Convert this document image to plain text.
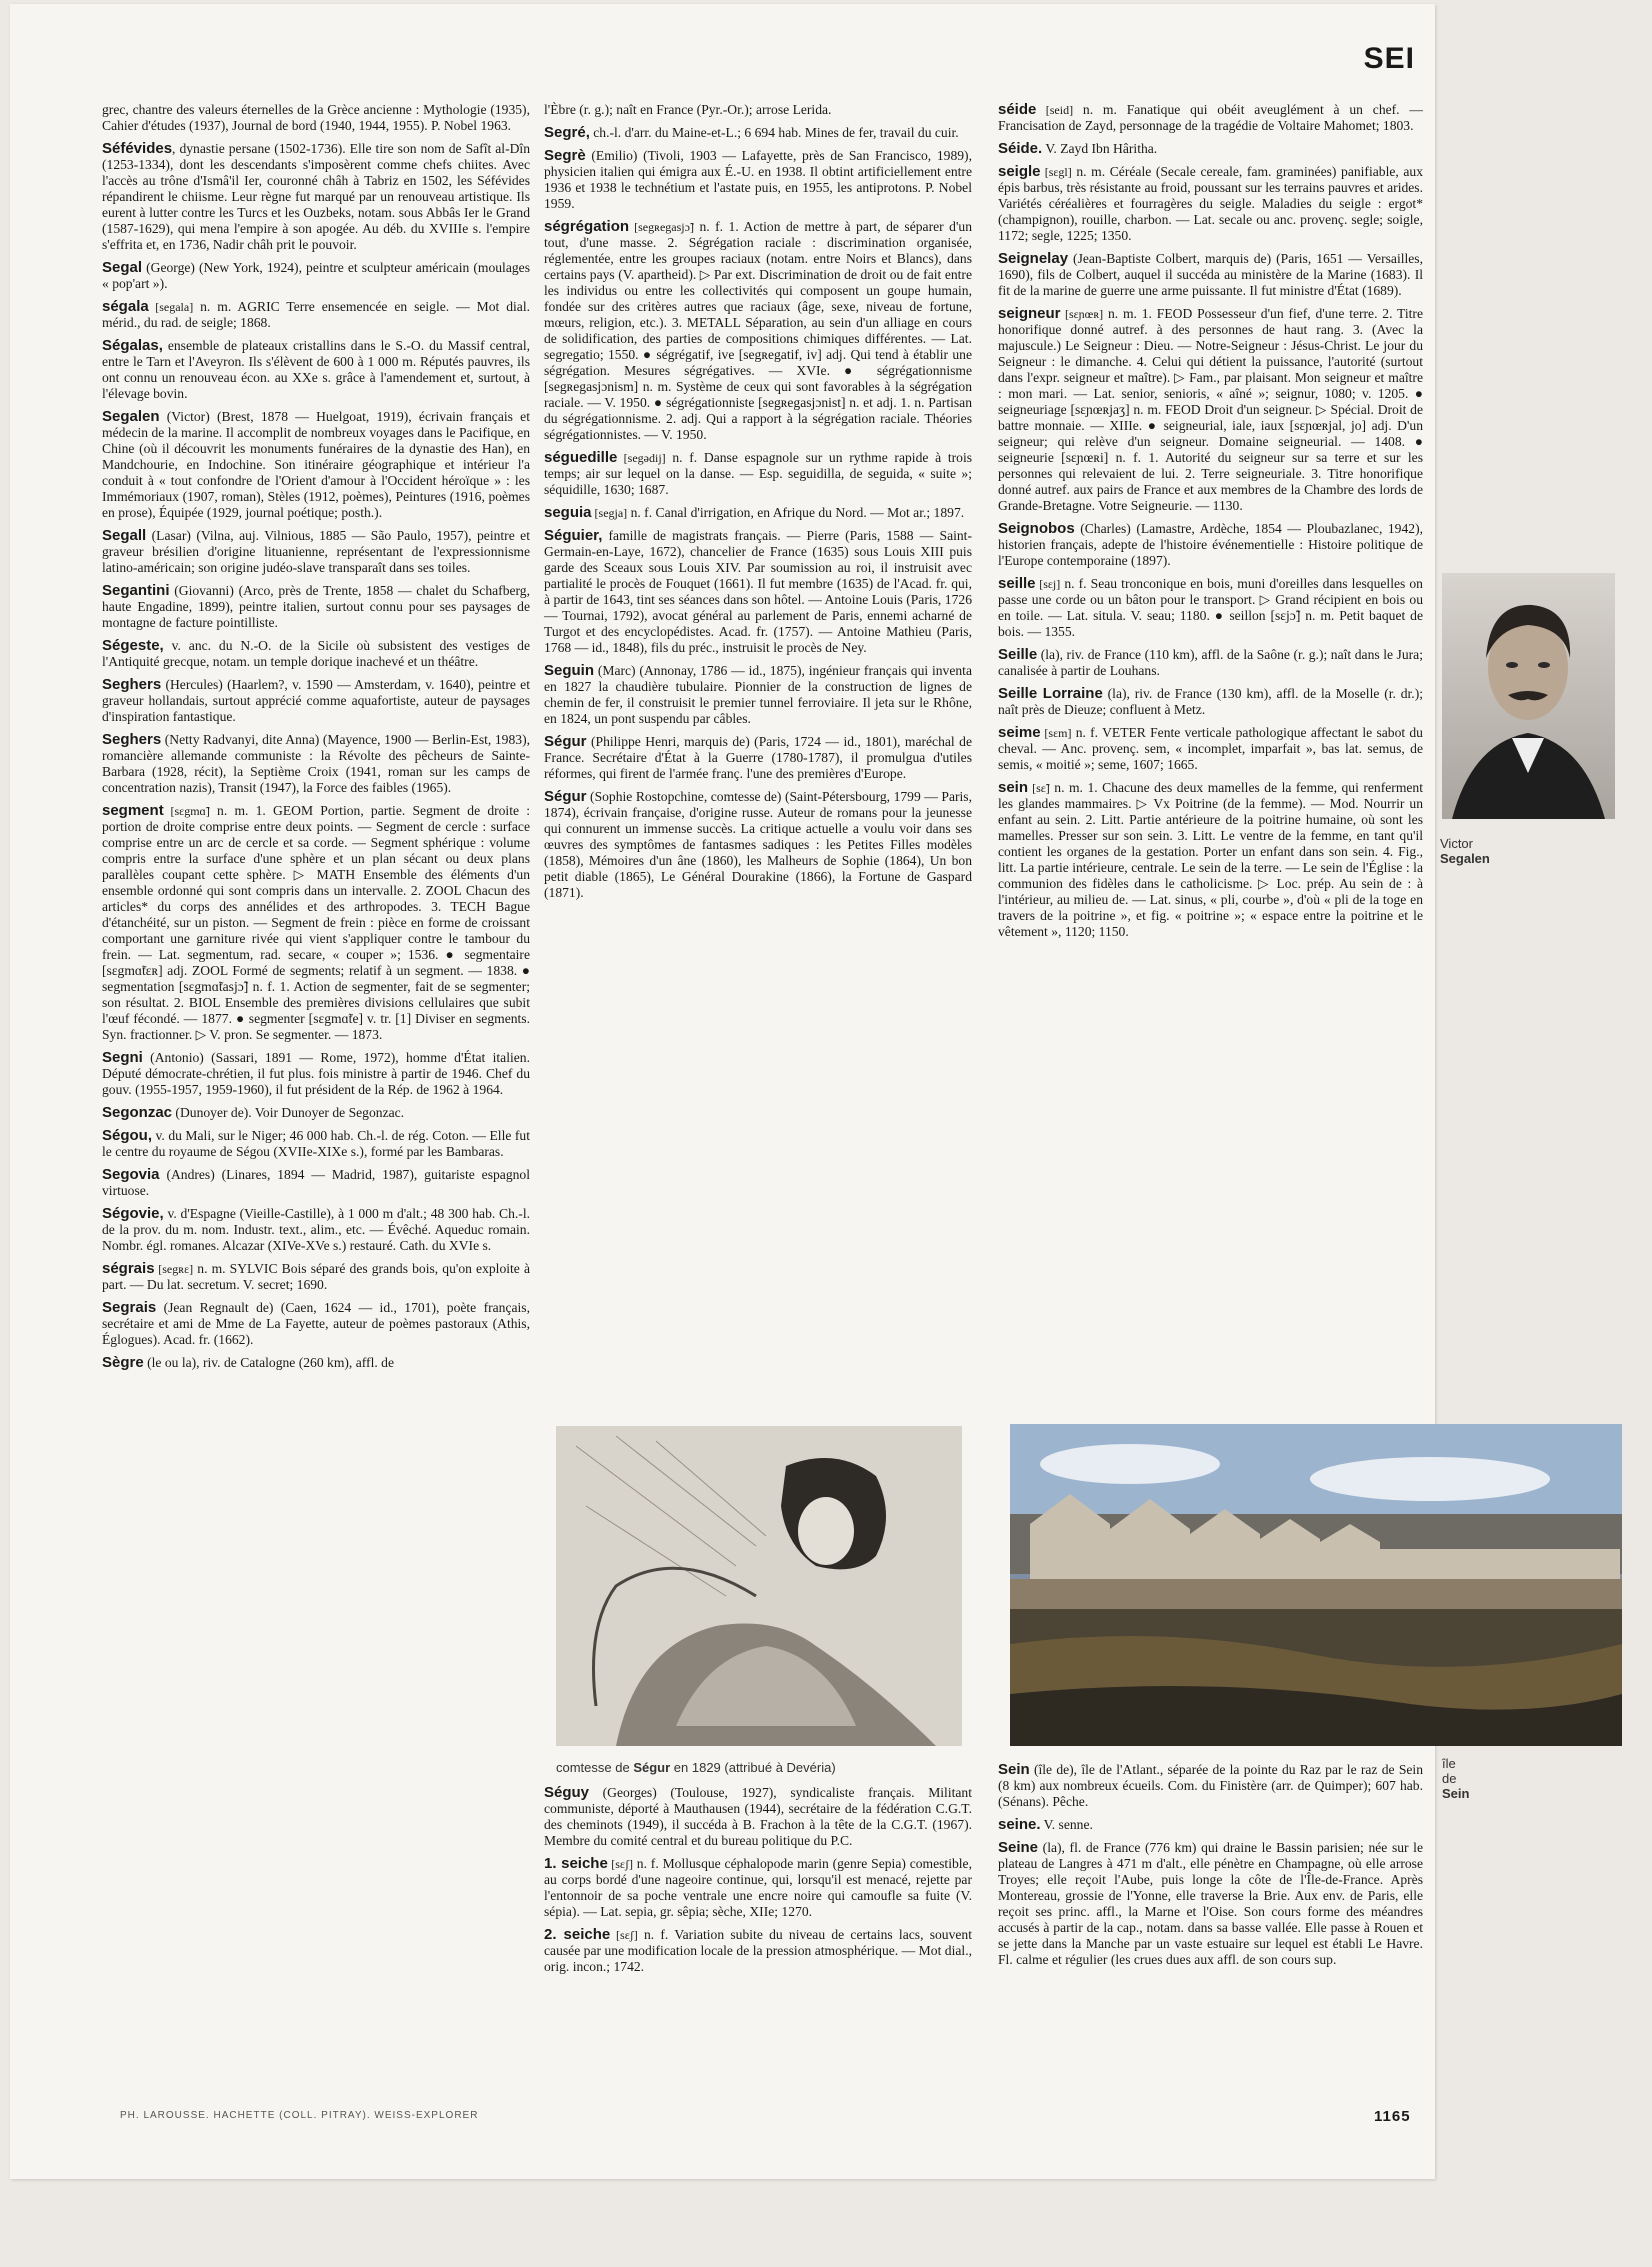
SEI

grec, chantre des valeurs éternelles de la Grèce ancienne : Mythologie (1935), Cahier d'études (1937), Journal de bord (1940, 1944, 1955). P. Nobel 1963.

Séfévides, dynastie persane (1502-1736). Elle tire son nom de Safît al-Dîn (1253-1334), dont les descendants s'imposèrent comme chefs chiites. Avec l'accès au trône d'Ismâ'il Ier, couronné châh à Tabriz en 1502, les Séfévides répandirent le chiisme. Leur règne fut marqué par un renouveau artistique. Ils eurent à lutter contre les Turcs et les Ouzbeks, notam. sous Abbâs Ier le Grand (1587-1629), qui mena l'empire à son apogée. Au déb. du XVIIIe s. l'empire s'effrita et, en 1736, Nadir châh prit le pouvoir.

Segal (George) (New York, 1924), peintre et sculpteur américain (moulages « pop'art »).

ségala [segala] n. m. AGRIC Terre ensemencée en seigle. — Mot dial. mérid., du rad. de seigle; 1868.

Ségalas, ensemble de plateaux cristallins dans le S.-O. du Massif central, entre le Tarn et l'Aveyron. Ils s'élèvent de 600 à 1 000 m. Réputés pauvres, ils ont connu un renouveau écon. au XXe s. grâce à l'amendement et, surtout, à l'élevage bovin.

Segalen (Victor) (Brest, 1878 — Huelgoat, 1919), écrivain français et médecin de la marine. Il accomplit de nombreux voyages dans le Pacifique, en Chine (où il découvrit les monuments funéraires de la dynastie des Han), en Mandchourie, en Indochine. Son itinéraire géographique et intérieur l'a conduit à « tout confondre de l'Orient d'amour à l'Occident héroïque » : les Immémoriaux (1907, roman), Stèles (1912, poèmes), Peintures (1916, poèmes en prose), Équipée (1929, journal poétique; posth.).

Segall (Lasar) (Vilna, auj. Vilnious, 1885 — São Paulo, 1957), peintre et graveur brésilien d'origine lituanienne, représentant de l'expressionnisme latino-américain; son origine judéo-slave transparaît dans ses toiles.

Segantini (Giovanni) (Arco, près de Trente, 1858 — chalet du Schafberg, haute Engadine, 1899), peintre italien, surtout connu pour ses paysages de montagne de facture pointilliste.

Ségeste, v. anc. du N.-O. de la Sicile où subsistent des vestiges de l'Antiquité grecque, notam. un temple dorique inachevé et un théâtre.

Seghers (Hercules) (Haarlem?, v. 1590 — Amsterdam, v. 1640), peintre et graveur hollandais, surtout apprécié comme aquafortiste, auteur de paysages d'inspiration fantastique.

Seghers (Netty Radvanyi, dite Anna) (Mayence, 1900 — Berlin-Est, 1983), romancière allemande communiste : la Révolte des pêcheurs de Sainte-Barbara (1928, récit), la Septième Croix (1941, roman sur les camps de concentration nazis), Transit (1947), la Force des faibles (1965).

segment [sɛgmɑ̃] n. m. 1. GEOM Portion, partie. Segment de droite : portion de droite comprise entre deux points. — Segment de cercle : surface comprise entre un arc de cercle et sa corde. — Segment sphérique : volume compris entre la surface d'une sphère et un plan sécant ou deux plans parallèles coupant cette sphère. ▷ MATH Ensemble des éléments d'un ensemble ordonné qui sont compris dans un intervalle. 2. ZOOL Chacun des articles* du corps des annélides et des arthropodes. 3. TECH Bague d'étanchéité, sur un piston. — Segment de frein : pièce en forme de croissant comportant une garniture rivée qui vient s'appliquer contre le tambour du frein. — Lat. segmentum, rad. secare, « couper »; 1536. ● segmentaire [sɛgmɑ̃tɛʀ] adj. ZOOL Formé de segments; relatif à un segment. — 1838. ● segmentation [sɛgmɑ̃tasjɔ̃] n. f. 1. Action de segmenter, fait de se segmenter; son résultat. 2. BIOL Ensemble des premières divisions cellulaires que subit l'œuf fécondé. — 1877. ● segmenter [sɛgmɑ̃te] v. tr. [1] Diviser en segments. Syn. fractionner. ▷ V. pron. Se segmenter. — 1873.

Segni (Antonio) (Sassari, 1891 — Rome, 1972), homme d'État italien. Député démocrate-chrétien, il fut plus. fois ministre à partir de 1946. Chef du gouv. (1955-1957, 1959-1960), il fut président de la Rép. de 1962 à 1964.

Segonzac (Dunoyer de). Voir Dunoyer de Segonzac.

Ségou, v. du Mali, sur le Niger; 46 000 hab. Ch.-l. de rég. Coton. — Elle fut le centre du royaume de Ségou (XVIIe-XIXe s.), formé par les Bambaras.

Segovia (Andres) (Linares, 1894 — Madrid, 1987), guitariste espagnol virtuose.

Ségovie, v. d'Espagne (Vieille-Castille), à 1 000 m d'alt.; 48 300 hab. Ch.-l. de la prov. du m. nom. Industr. text., alim., etc. — Évêché. Aqueduc romain. Nombr. égl. romanes. Alcazar (XIVe-XVe s.) restauré. Cath. du XVIe s.

ségrais [segʀɛ] n. m. SYLVIC Bois séparé des grands bois, qu'on exploite à part. — Du lat. secretum. V. secret; 1690.

Segrais (Jean Regnault de) (Caen, 1624 — id., 1701), poète français, secrétaire et ami de Mme de La Fayette, auteur de poèmes pastoraux (Athis, Églogues). Acad. fr. (1662).

Sègre (le ou la), riv. de Catalogne (260 km), affl. de

l'Èbre (r. g.); naît en France (Pyr.-Or.); arrose Lerida.

Segré, ch.-l. d'arr. du Maine-et-L.; 6 694 hab. Mines de fer, travail du cuir.

Segrè (Emilio) (Tivoli, 1903 — Lafayette, près de San Francisco, 1989), physicien italien qui émigra aux É.-U. en 1938. Il obtint artificiellement entre 1936 et 1938 le technétium et l'astate puis, en 1955, les antiprotons. P. Nobel 1959.

ségrégation [segʀegasjɔ̃] n. f. 1. Action de mettre à part, de séparer d'un tout, d'une masse. 2. Ségrégation raciale : discrimination organisée, réglementée, entre les groupes raciaux (notam. entre Noirs et Blancs), dans certains pays (V. apartheid). ▷ Par ext. Discrimination de droit ou de fait entre les individus ou entre les collectivités qui composent un goupe humain, fondée sur des critères autres que raciaux (âge, sexe, niveau de fortune, mœurs, religion, etc.). 3. METALL Séparation, au sein d'un alliage en cours de solidification, des parties de compositions chimiques différentes. — Lat. segregatio; 1550. ● ségrégatif, ive [segʀegatif, iv] adj. Qui tend à établir une ségrégation. Mesures ségrégatives. — XVIe. ● ségrégationnisme [segʀegasjɔnism] n. m. Système de ceux qui sont favorables à la ségrégation raciale. — V. 1950. ● ségrégationniste [segʀegasjɔnist] n. et adj. 1. n. Partisan du ségrégationnisme. 2. adj. Qui a rapport à la ségrégation raciale. Théories ségrégationnistes. — V. 1950.

séguedille [segədij] n. f. Danse espagnole sur un rythme rapide à trois temps; air sur lequel on la danse. — Esp. seguidilla, de seguida, « suite »; séquidille, 1630; 1687.

seguia [segja] n. f. Canal d'irrigation, en Afrique du Nord. — Mot ar.; 1897.

Séguier, famille de magistrats français. — Pierre (Paris, 1588 — Saint-Germain-en-Laye, 1672), chancelier de France (1635) sous Louis XIII puis garde des Sceaux sous Louis XIV. Par soumission au roi, il instruisit avec partialité le procès de Fouquet (1661). Il fut membre (1635) de l'Acad. fr. qui, à partir de 1643, tint ses séances dans son hôtel. — Antoine Louis (Paris, 1726 — Tournai, 1792), avocat général au parlement de Paris, ennemi acharné de Turgot et des encyclopédistes. Acad. fr. (1757). — Antoine Mathieu (Paris, 1768 — id., 1848), fils du préc., instruisit le procès de Ney.

Seguin (Marc) (Annonay, 1786 — id., 1875), ingénieur français qui inventa en 1827 la chaudière tubulaire. Pionnier de la construction de lignes de chemin de fer, il construisit le premier tunnel ferroviaire. Il jeta sur le Rhône, en 1824, un pont suspendu par câbles.

Ségur (Philippe Henri, marquis de) (Paris, 1724 — id., 1801), maréchal de France. Secrétaire d'État à la Guerre (1780-1787), il promulgua d'utiles réformes, qui firent de l'armée franç. l'une des premières d'Europe.

Ségur (Sophie Rostopchine, comtesse de) (Saint-Pétersbourg, 1799 — Paris, 1874), écrivain française, d'origine russe. Auteur de romans pour la jeunesse qui connurent un immense succès. La critique actuelle a voulu voir dans ses œuvres des symptômes de fantasmes sadiques : les Petites Filles modèles (1858), Mémoires d'un âne (1860), les Malheurs de Sophie (1864), Un bon petit diable (1865), Le Général Dourakine (1866), la Fortune de Gaspard (1871).

Séguy (Georges) (Toulouse, 1927), syndicaliste français. Militant communiste, déporté à Mauthausen (1944), secrétaire de la fédération C.G.T. des cheminots (1949), il succéda à B. Frachon à la tête de la C.G.T. (1967). Membre du comité central et du bureau politique du P.C.

1. seiche [sɛʃ] n. f. Mollusque céphalopode marin (genre Sepia) comestible, au corps bordé d'une nageoire continue, qui, lorsqu'il est menacé, rejette par l'entonnoir de sa poche ventrale une encre noire qui camoufle sa fuite (V. sépia). — Lat. sepia, gr. sêpia; sèche, XIIe; 1270.

2. seiche [sɛʃ] n. f. Variation subite du niveau de certains lacs, souvent causée par une modification locale de la pression atmosphérique. — Mot dial., orig. incon.; 1742.

séide [seid] n. m. Fanatique qui obéit aveuglément à un chef. — Francisation de Zayd, personnage de la tragédie de Voltaire Mahomet; 1803.

Séide. V. Zayd Ibn Hâritha.

seigle [sɛgl] n. m. Céréale (Secale cereale, fam. graminées) panifiable, aux épis barbus, très résistante au froid, poussant sur les terrains pauvres et arides. Variétés céréalières et fourragères du seigle. Maladies du seigle : ergot* (champignon), rouille, charbon. — Lat. secale ou anc. provenç. segle; soigle, 1172; segle, 1225; 1350.

Seignelay (Jean-Baptiste Colbert, marquis de) (Paris, 1651 — Versailles, 1690), fils de Colbert, auquel il succéda au ministère de la Marine (1683). Il fit de la marine de guerre une arme puissante. Il fut ministre d'État (1689).

seigneur [sɛɲœʀ] n. m. 1. FEOD Possesseur d'un fief, d'une terre. 2. Titre honorifique donné autref. à des personnes de haut rang. 3. (Avec la majuscule.) Le Seigneur : Dieu. — Notre-Seigneur : Jésus-Christ. Le jour du Seigneur : le dimanche. 4. Celui qui détient la puissance, l'autorité (surtout dans l'expr. seigneur et maître). ▷ Fam., par plaisant. Mon seigneur et maître : mon mari. — Lat. senior, senioris, « aîné »; seignur, 1080; v. 1205. ● seigneuriage [sɛɲœʀjaʒ] n. m. FEOD Droit d'un seigneur. ▷ Spécial. Droit de battre monnaie. — XIIIe. ● seigneurial, iale, iaux [sɛɲœʀjal, jo] adj. D'un seigneur; qui relève d'un seigneur. Domaine seigneurial. — 1408. ● seigneurie [sɛɲœʀi] n. f. 1. Autorité du seigneur sur sa terre et sur les personnes qui relevaient de lui. 2. Terre seigneuriale. 3. Titre honorifique donné autref. aux pairs de France et aux membres de la Chambre des lords de Grande-Bretagne. Votre Seigneurie. — 1130.

Seignobos (Charles) (Lamastre, Ardèche, 1854 — Ploubazlanec, 1942), historien français, adepte de l'histoire événementielle : Histoire politique de l'Europe contemporaine (1897).

seille [sɛj] n. f. Seau tronconique en bois, muni d'oreilles dans lesquelles on passe une corde ou un bâton pour le transport. ▷ Grand récipient en bois ou en toile. — Lat. situla. V. seau; 1180. ● seillon [sɛjɔ̃] n. m. Petit baquet de bois. — 1355.

Seille (la), riv. de France (110 km), affl. de la Saône (r. g.); naît dans le Jura; canalisée à partir de Louhans.

Seille Lorraine (la), riv. de France (130 km), affl. de la Moselle (r. dr.); naît près de Dieuze; confluent à Metz.

seime [sɛm] n. f. VETER Fente verticale pathologique affectant le sabot du cheval. — Anc. provenç. sem, « incomplet, imparfait », bas lat. semus, de semis, « moitié »; seme, 1607; 1665.

sein [sɛ̃] n. m. 1. Chacune des deux mamelles de la femme, qui renferment les glandes mammaires. ▷ Vx Poitrine (de la femme). — Mod. Nourrir un enfant au sein. 2. Litt. Partie antérieure de la poitrine humaine, où sont les mamelles. Presser sur son sein. 3. Litt. Le ventre de la femme, en tant qu'il contient les organes de la gestation. Porter un enfant dans son sein. 4. Fig., litt. La partie intérieure, centrale. Le sein de la terre. — Le sein de l'Église : la communion des fidèles dans le catholicisme. ▷ Loc. prép. Au sein de : à l'intérieur, au milieu de. — Lat. sinus, « pli, courbe », d'où « pli de la toge en travers de la poitrine », et fig. « poitrine »; « espace entre la poitrine et le vêtement », 1120; 1150.

Sein (île de), île de l'Atlant., séparée de la pointe du Raz par le raz de Sein (8 km) aux nombreux écueils. Com. du Finistère (arr. de Quimper); 607 hab. (Sénans). Pêche.

seine. V. senne.

Seine (la), fl. de France (776 km) qui draine le Bassin parisien; née sur le plateau de Langres à 471 m d'alt., elle pénètre en Champagne, où elle arrose Troyes; elle reçoit l'Aube, puis longe la côte de l'Île-de-France. Après Montereau, grossie de l'Yonne, elle traverse la Brie. Aux env. de Paris, elle reçoit ses princ. affl., la Marne et l'Oise. Son cours forme des méandres accusés à partir de la cap., notam. dans sa basse vallée. Elle passe à Rouen et se jette dans la Manche par un vaste estuaire sur lequel est établi Le Havre. Fl. calme et régulier (les crues dues aux affl. de son cours sup.

Victor Segalen
comtesse de Ségur en 1829 (attribué à Devéria)	île de Sein
PH. LAROUSSE. HACHETTE (COLL. PITRAY). WEISS-EXPLORER	1165
